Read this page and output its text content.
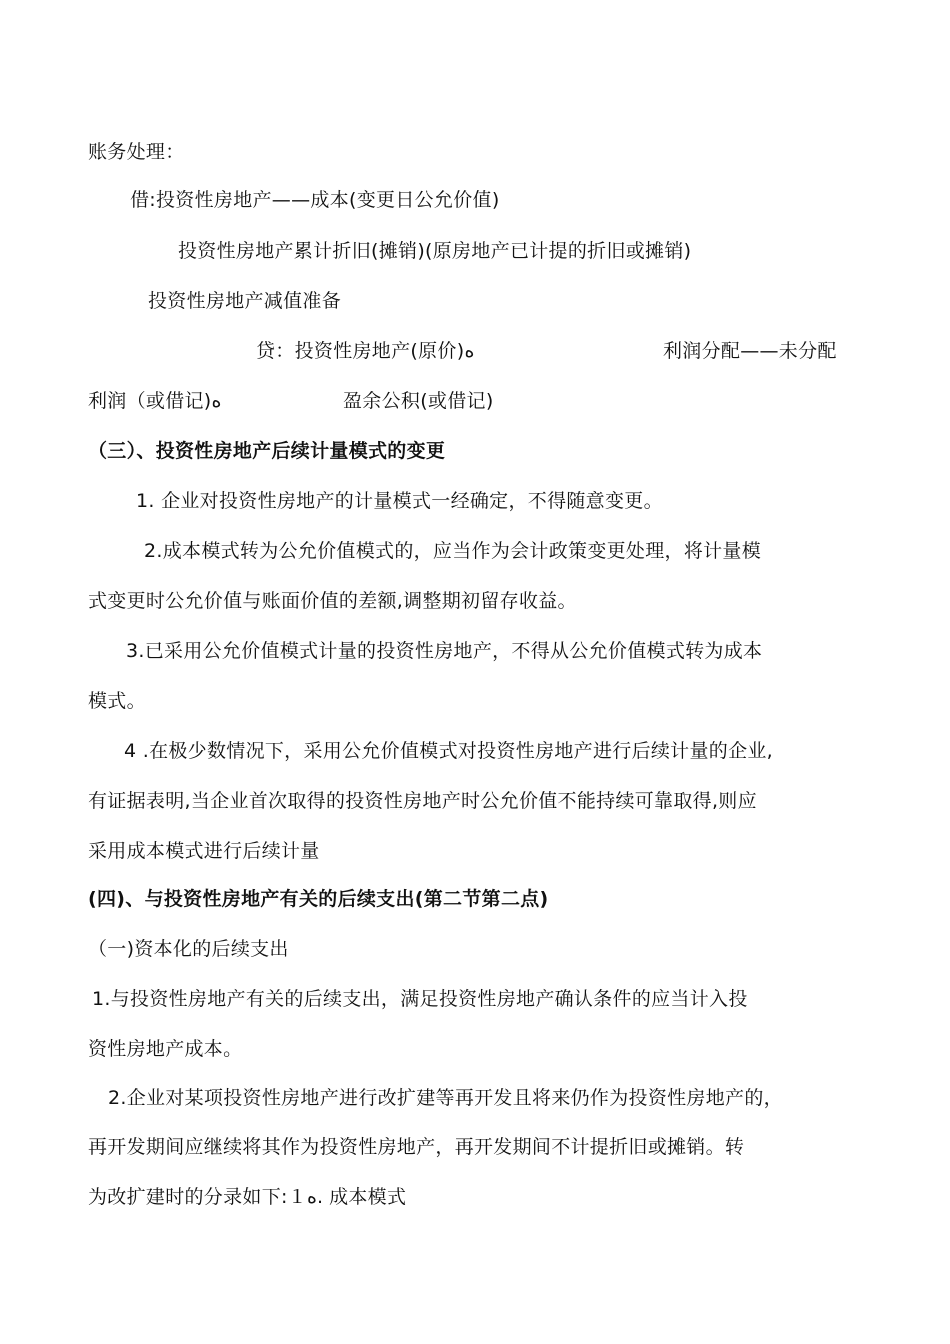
账务处理：
借:投资性房地产——成本(变更日公允价值)
投资性房地产累计折旧(摊销)(原房地产已计提的折旧或摊销)
投资性房地产减值准备
贷：投资性房地产(原价)ه	利润分配——未分配
利润（或借记)ه	盈余公积(或借记)
（三）、投资性房地产后续计量模式的变更
1. 企业对投资性房地产的计量模式一经确定，不得随意变更。
2.成本模式转为公允价值模式的，应当作为会计政策变更处理，将计量模
式变更时公允价值与账面价值的差额,调整期初留存收益。
3.已采用公允价值模式计量的投资性房地产，不得从公允价值模式转为成本
模式。
4 .在极少数情况下，采用公允价值模式对投资性房地产进行后续计量的企业,
有证据表明,当企业首次取得的投资性房地产时公允价值不能持续可靠取得,则应
采用成本模式进行后续计量
(四)、与投资性房地产有关的后续支出(第二节第二点)
（一)资本化的后续支出
1.与投资性房地产有关的后续支出，满足投资性房地产确认条件的应当计入投
资性房地产成本。
2.企业对某项投资性房地产进行改扩建等再开发且将来仍作为投资性房地产的，
再开发期间应继续将其作为投资性房地产，再开发期间不计提折旧或摊销。转
为改扩建时的分录如下:１ه. 成本模式
